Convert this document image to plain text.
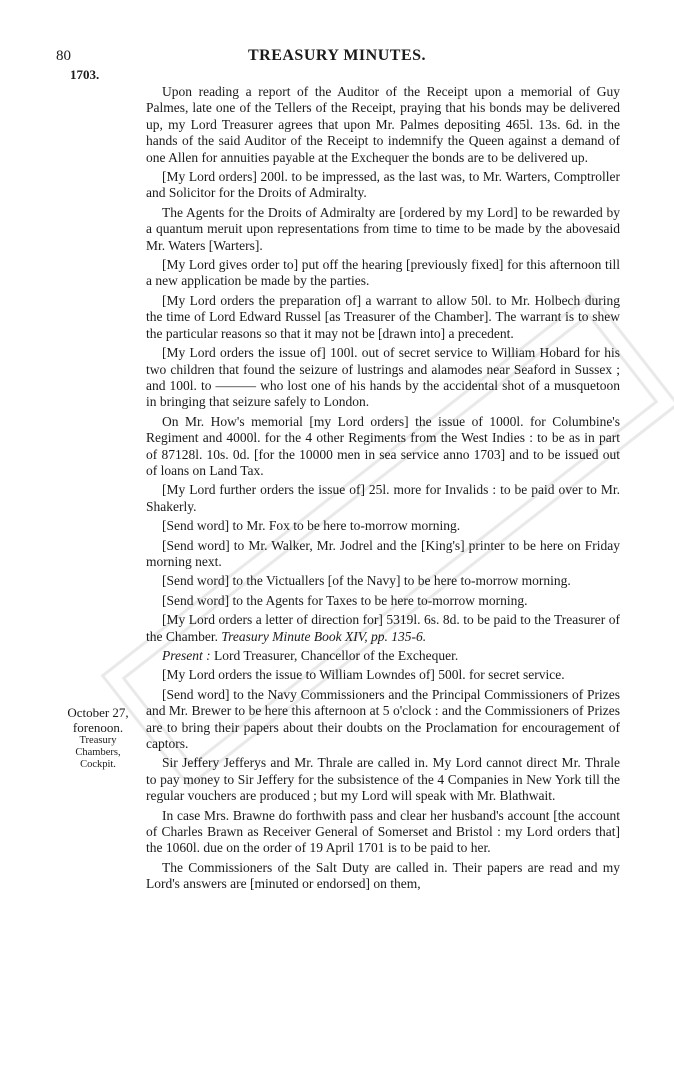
80	TREASURY MINUTES.
1703.
October 27,
forenoon.
Treasury
Chambers,
Cockpit.

Upon reading a report of the Auditor of the Receipt upon a memorial of Guy Palmes, late one of the Tellers of the Receipt, praying that his bonds may be delivered up, my Lord Treasurer agrees that upon Mr. Palmes depositing 465l. 13s. 6d. in the hands of the said Auditor of the Receipt to indemnify the Queen against a demand of one Allen for annuities payable at the Exchequer the bonds are to be delivered up.

[My Lord orders] 200l. to be impressed, as the last was, to Mr. Warters, Comptroller and Solicitor for the Droits of Admiralty.

The Agents for the Droits of Admiralty are [ordered by my Lord] to be rewarded by a quantum meruit upon representations from time to time to be made by the abovesaid Mr. Waters [Warters].

[My Lord gives order to] put off the hearing [previously fixed] for this afternoon till a new application be made by the parties.

[My Lord orders the preparation of] a warrant to allow 50l. to Mr. Holbech during the time of Lord Edward Russel [as Treasurer of the Chamber]. The warrant is to shew the particular reasons so that it may not be [drawn into] a precedent.

[My Lord orders the issue of] 100l. out of secret service to William Hobard for his two children that found the seizure of lustrings and alamodes near Seaford in Sussex ; and 100l. to ——— who lost one of his hands by the accidental shot of a musquetoon in bringing that seizure safely to London.

On Mr. How's memorial [my Lord orders] the issue of 1000l. for Columbine's Regiment and 4000l. for the 4 other Regiments from the West Indies : to be as in part of 87128l. 10s. 0d. [for the 10000 men in sea service anno 1703] and to be issued out of loans on Land Tax.

[My Lord further orders the issue of] 25l. more for Invalids : to be paid over to Mr. Shakerly.

[Send word] to Mr. Fox to be here to-morrow morning.

[Send word] to Mr. Walker, Mr. Jodrel and the [King's] printer to be here on Friday morning next.

[Send word] to the Victuallers [of the Navy] to be here to-morrow morning.

[Send word] to the Agents for Taxes to be here to-morrow morning.

[My Lord orders a letter of direction for] 5319l. 6s. 8d. to be paid to the Treasurer of the Chamber. Treasury Minute Book XIV, pp. 135-6.

Present : Lord Treasurer, Chancellor of the Exchequer.

[My Lord orders the issue to William Lowndes of] 500l. for secret service.

[Send word] to the Navy Commissioners and the Principal Commissioners of Prizes and Mr. Brewer to be here this afternoon at 5 o'clock : and the Commissioners of Prizes are to bring their papers about their doubts on the Proclamation for encouragement of captors.

Sir Jeffery Jefferys and Mr. Thrale are called in. My Lord cannot direct Mr. Thrale to pay money to Sir Jeffery for the subsistence of the 4 Companies in New York till the regular vouchers are produced ; but my Lord will speak with Mr. Blathwait.

In case Mrs. Brawne do forthwith pass and clear her husband's account [the account of Charles Brawn as Receiver General of Somerset and Bristol : my Lord orders that] the 1060l. due on the order of 19 April 1701 is to be paid to her.

The Commissioners of the Salt Duty are called in. Their papers are read and my Lord's answers are [minuted or endorsed] on them,
